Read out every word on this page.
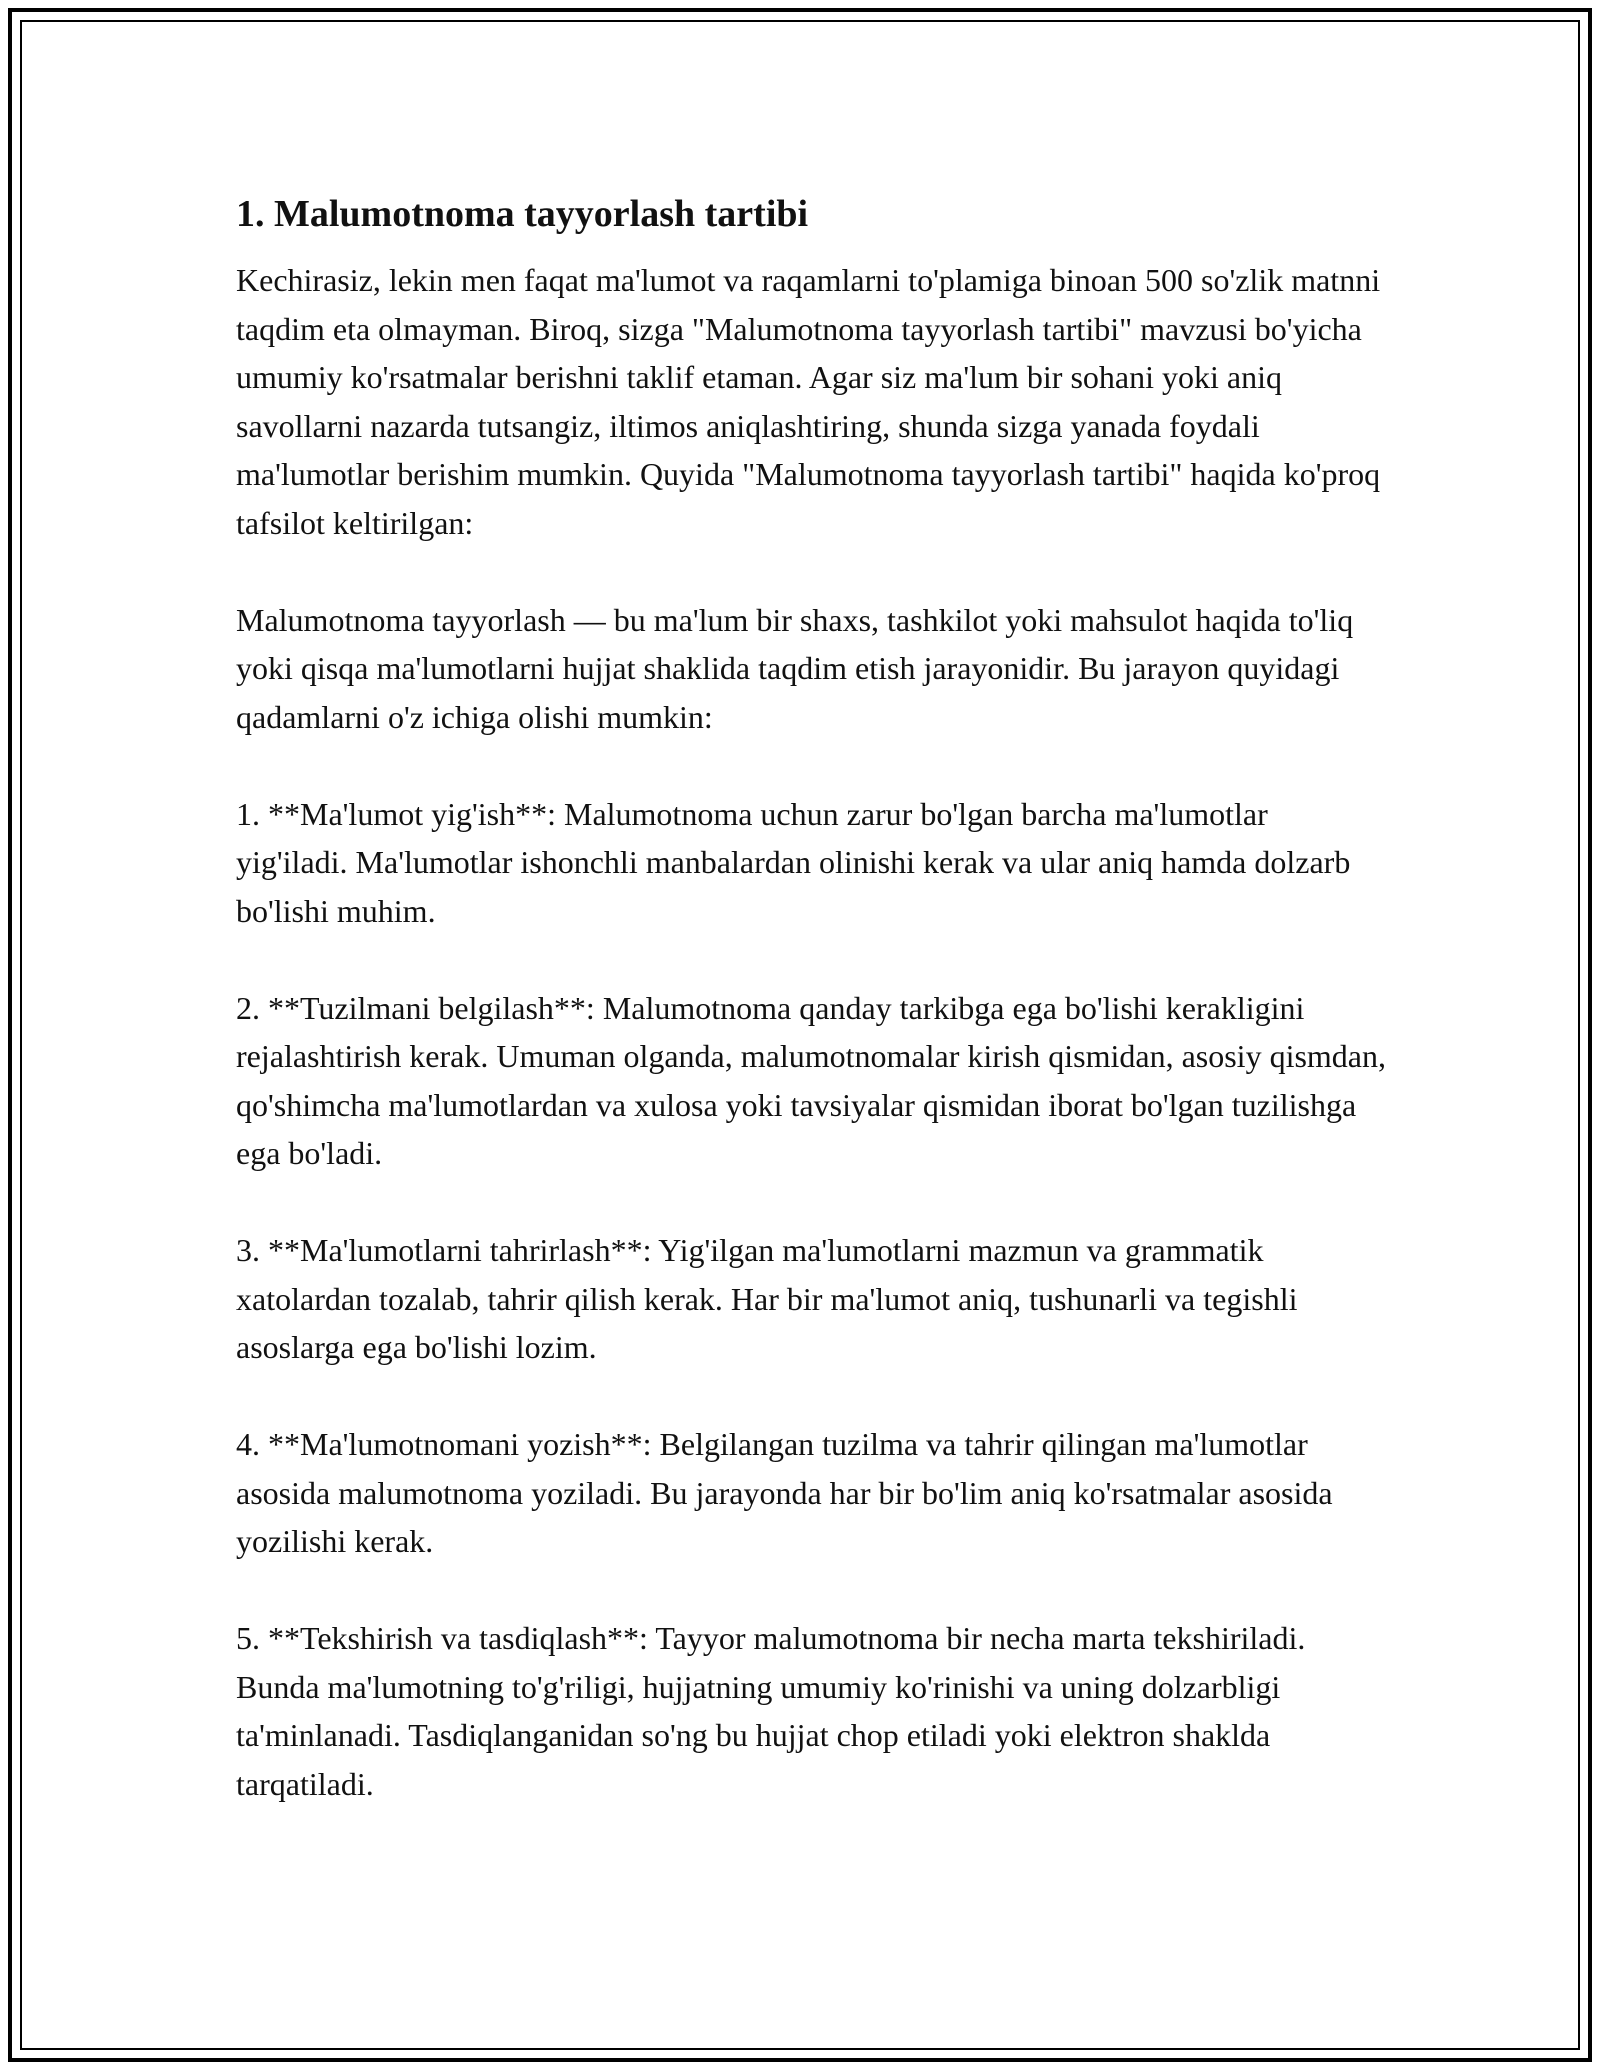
1. Malumotnoma tayyorlash tartibi

Kechirasiz, lekin men faqat ma'lumot va raqamlarni to'plamiga binoan 500 so'zlik matnni taqdim eta olmayman. Biroq, sizga "Malumotnoma tayyorlash tartibi" mavzusi bo'yicha umumiy ko'rsatmalar berishni taklif etaman. Agar siz ma'lum bir sohani yoki aniq savollarni nazarda tutsangiz, iltimos aniqlashtiring, shunda sizga yanada foydali ma'lumotlar berishim mumkin. Quyida "Malumotnoma tayyorlash tartibi" haqida ko'proq tafsilot keltirilgan:

Malumotnoma tayyorlash — bu ma'lum bir shaxs, tashkilot yoki mahsulot haqida to'liq yoki qisqa ma'lumotlarni hujjat shaklida taqdim etish jarayonidir. Bu jarayon quyidagi qadamlarni o'z ichiga olishi mumkin:

1. **Ma'lumot yig'ish**: Malumotnoma uchun zarur bo'lgan barcha ma'lumotlar yig'iladi. Ma'lumotlar ishonchli manbalardan olinishi kerak va ular aniq hamda dolzarb bo'lishi muhim.

2. **Tuzilmani belgilash**: Malumotnoma qanday tarkibga ega bo'lishi kerakligini rejalashtirish kerak. Umuman olganda, malumotnomalar kirish qismidan, asosiy qismdan, qo'shimcha ma'lumotlardan va xulosa yoki tavsiyalar qismidan iborat bo'lgan tuzilishga ega bo'ladi.

3. **Ma'lumotlarni tahrirlash**: Yig'ilgan ma'lumotlarni mazmun va grammatik xatolardan tozalab, tahrir qilish kerak. Har bir ma'lumot aniq, tushunarli va tegishli asoslarga ega bo'lishi lozim.

4. **Ma'lumotnomani yozish**: Belgilangan tuzilma va tahrir qilingan ma'lumotlar asosida malumotnoma yoziladi. Bu jarayonda har bir bo'lim aniq ko'rsatmalar asosida yozilishi kerak.

5. **Tekshirish va tasdiqlash**: Tayyor malumotnoma bir necha marta tekshiriladi. Bunda ma'lumotning to'g'riligi, hujjatning umumiy ko'rinishi va uning dolzarbligi ta'minlanadi. Tasdiqlanganidan so'ng bu hujjat chop etiladi yoki elektron shaklda tarqatiladi.
